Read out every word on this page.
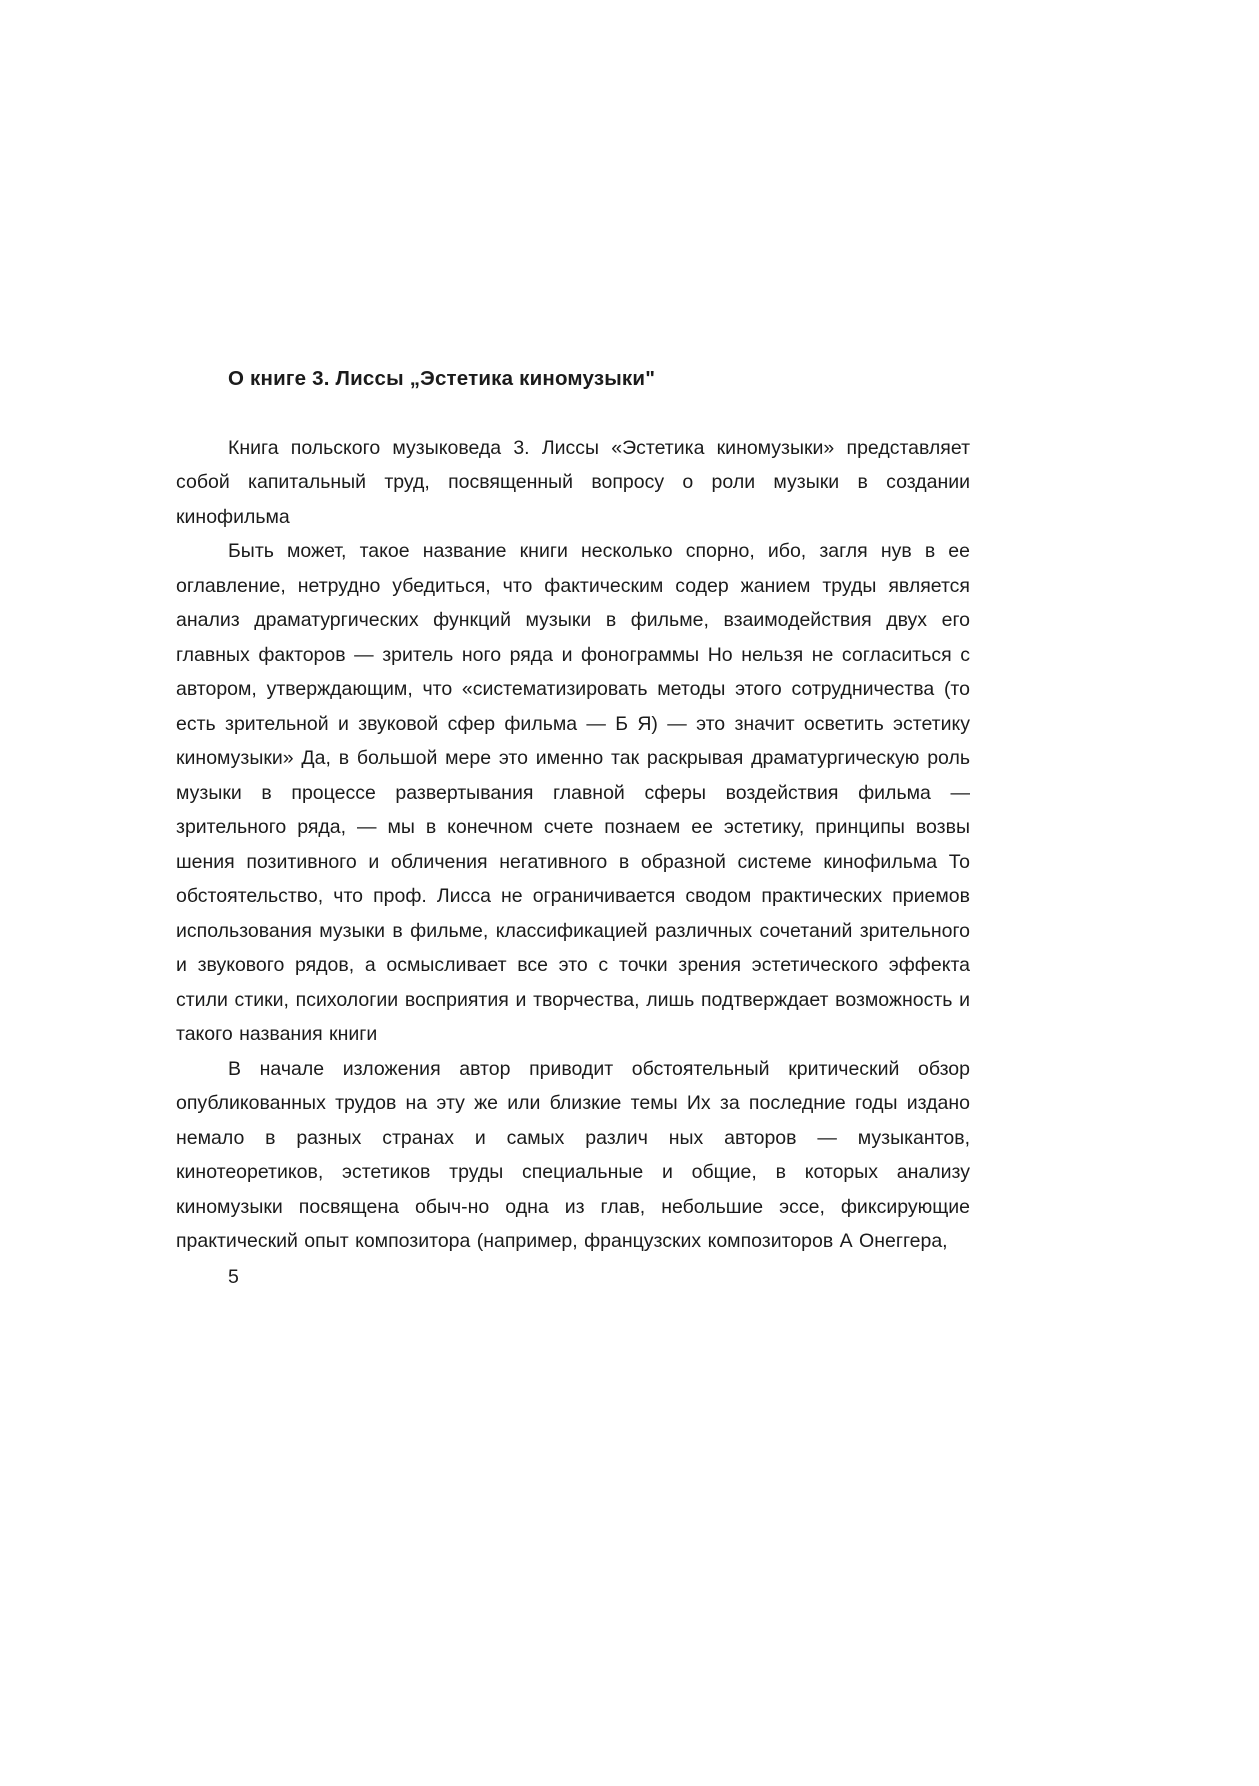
О книге 3. Лиссы „Эстетика киномузыки"

Книга польского музыковеда 3. Лиссы «Эстетика киномузыки» представляет собой капитальный труд, посвященный вопросу о роли музыки в создании кинофильма

Быть может, такое название книги несколько спорно, ибо, загля нув в ее оглавление, нетрудно убедиться, что фактическим содер жанием труды является анализ драматургических функций музыки в фильме, взаимодействия двух его главных факторов — зритель ного ряда и фонограммы Но нельзя не согласиться с автором, утверждающим, что «систематизировать методы этого сотрудничества (то есть зрительной и звуковой сфер фильма — Б Я) — это значит осветить эстетику киномузыки» Да, в большой мере это именно так раскрывая драматургическую роль музыки в процессе развертывания главной сферы воздействия фильма — зрительного ряда, — мы в конечном счете познаем ее эстетику, принципы возвы шения позитивного и обличения негативного в образной системе кинофильма То обстоятельство, что проф. Лисса не ограничивается сводом практических приемов использования музыки в фильме, классификацией различных сочетаний зрительного и звукового рядов, а осмысливает все это с точки зрения эстетического эффекта стили стики, психологии восприятия и творчества, лишь подтверждает возможность и такого названия книги

В начале изложения автор приводит обстоятельный критический обзор опубликованных трудов на эту же или близкие темы Их за последние годы издано немало в разных странах и самых различ ных авторов — музыкантов, кинотеоретиков, эстетиков труды специальные и общие, в которых анализу киномузыки посвящена обыч-но одна из глав, небольшие эссе, фиксирующие практический опыт композитора (например, французских композиторов А Онеггера,

5
